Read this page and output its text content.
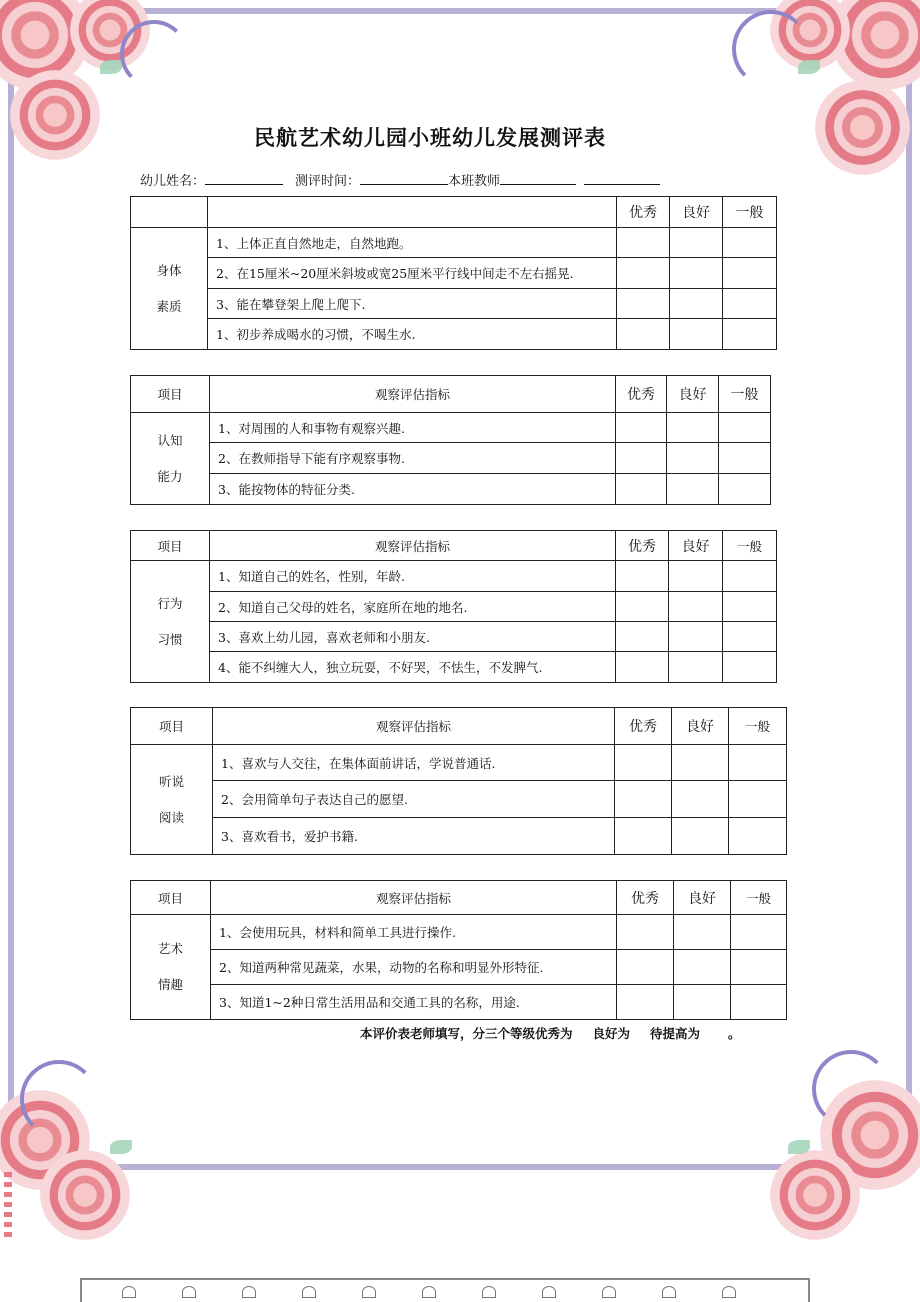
民航艺术幼儿园小班幼儿发展测评表
幼儿姓名：	测评时间：	本班教师
		优秀	良好	一般

身体
素质	1、上体正直自然地走，自然地跑。			
	2、在15厘米~20厘米斜坡或宽25厘米平行线中间走不左右摇晃.			
	3、能在攀登架上爬上爬下.			
	1、初步养成喝水的习惯，不喝生水.			
项目	观察评估指标	优秀	良好	一般

认知
能力	1、对周围的人和事物有观察兴趣.			
	2、在教师指导下能有序观察事物.			
	3、能按物体的特征分类.			
项目	观察评估指标	优秀	良好	一般

行为
习惯	1、知道自己的姓名，性别，年龄.			
	2、知道自己父母的姓名，家庭所在地的地名.			
	3、喜欢上幼儿园，喜欢老师和小朋友.			
	4、能不纠缠大人，独立玩耍，不好哭，不怯生，不发脾气.			
项目	观察评估指标	优秀	良好	一般

听说
阅读	1、喜欢与人交往，在集体面前讲话，学说普通话.			
	2、会用简单句子表达自己的愿望.			
	3、喜欢看书，爱护书籍.			
项目	观察评估指标	优秀	良好	一般

艺术
情趣	1、会使用玩具，材料和简单工具进行操作.			
	2、知道两种常见蔬菜，水果，动物的名称和明显外形特征.			
	3、知道1~2种日常生活用品和交通工具的名称，用途.			
本评价表老师填写，分三个等级优秀为 良好为 待提高为 。
